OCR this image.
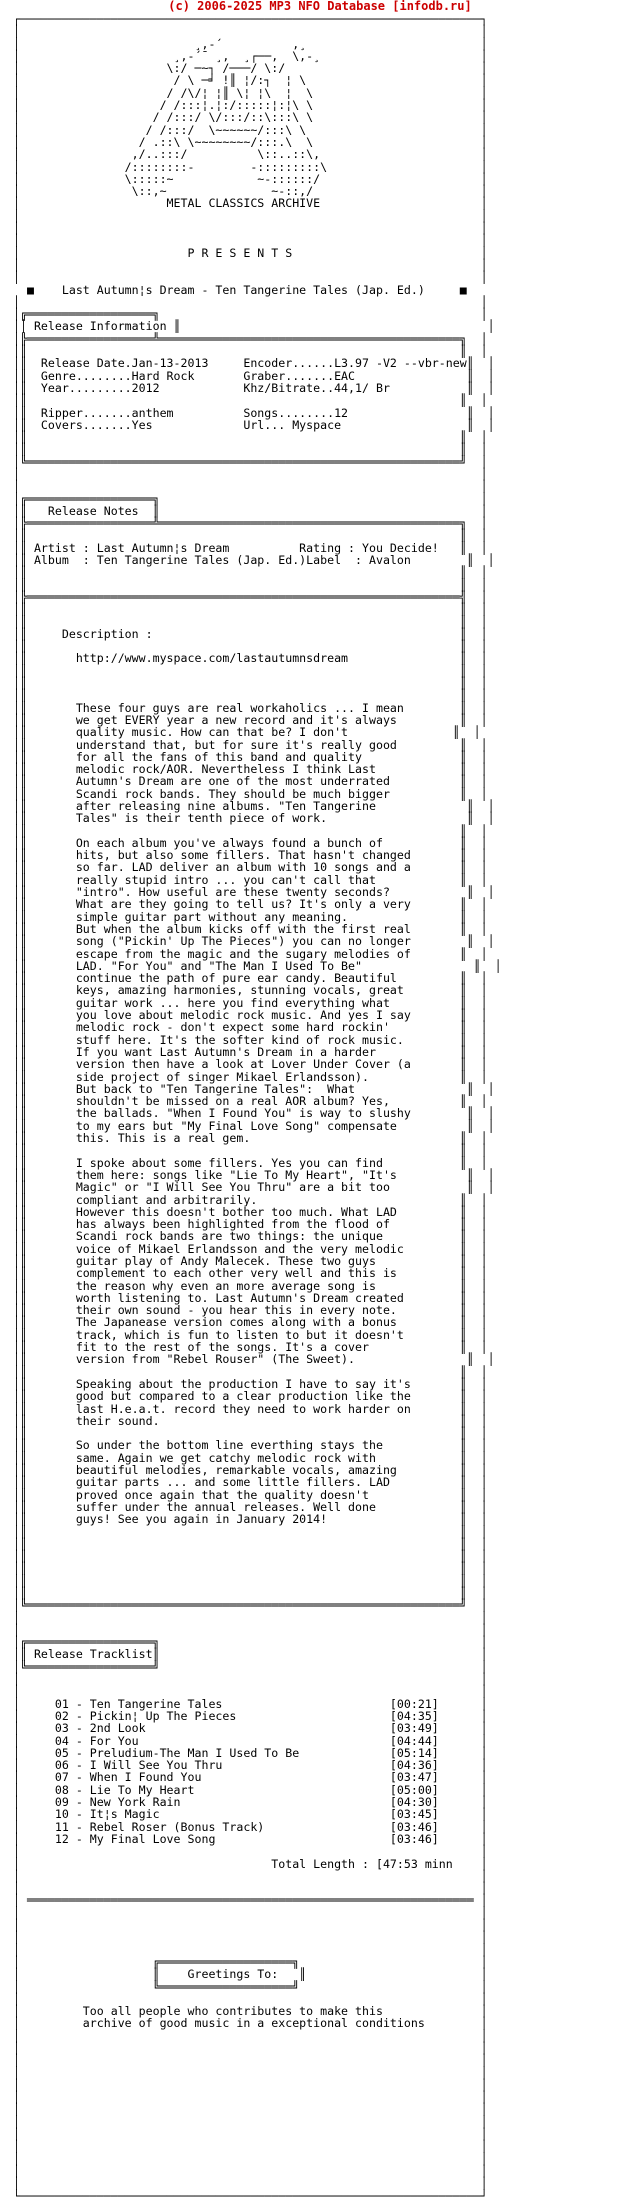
(c) 2006-2025 MP3 NFO Database [infodb.ru]
┌──────────────────────────────────────────────────────────────────┐
│                                                                  │
│                         ¸,-´          ,¸                         │
│                      ¸,-´¯ ¸,  ¸┌──,  \,-¸                       │
│                     \:/ ─~┐ /───/ \:/                            │
│                      / \ ─╛ !║ ¦/:┐  ¦ \                         │
│                     / /\/¦ ¦║ \¦ ¦\  ¦  \                        │
│                    / /:::¦.¦:/:::::¦:¦\ \                        │
│                   / /:::/ \/:::/::\:::\ \                        │
│                  / /:::/  \~~~~~~/:::\ \                         │
│                 / .::\ \~~~~~~~~/:::.\  \                        │
│                ,/..:::/          \::..::\,                       │
│               /::::::::-        -:::::::::\                      │
│               \:::::~            ~-::::::/                       │
│                \::,~               ~-::,/                        │
│                     METAL CLASSICS ARCHIVE                       │
│                                                                  │
│                                                                  │
│                                                                  │
│                        P R E S E N T S                           │
│                                                                  │
│                                                                  │
■    Last Autumn¦s Dream - Ten Tangerine Tales (Jap. Ed.)     ■
│                                                                  │
│╔══════════════════╗                                              │
││ Release Information ║                                            │
│╠══════════════════╩═══════════════════════════════════════════╗  │
│║                                                              ║  │
│║  Release Date.Jan-13-2013     Encoder......L3.97 -V2 --vbr-new║  │
│║  Genre........Hard Rock       Graber.......EAC                ║  │
│║  Year.........2012            Khz/Bitrate..44,1/ Br           ║  │
│║                                                              ║  │
│║  Ripper.......anthem          Songs........12                 ║  │
│║  Covers.......Yes             Url... Myspace                  ║  │
│║                                                              ║  │
│║                                                              ║  │
│╚══════════════════════════════════════════════════════════════╝  │
│                                                                  │
│                                                                  │
│╔══════════════════╗                                              │
│║   Release Notes  ║                                              │
│╠══════════════════╩═══════════════════════════════════════════╗  │
│║                                                              ║  │
│║ Artist : Last Autumn¦s Dream          Rating : You Decide!   ║  │
│║ Album  : Ten Tangerine Tales (Jap. Ed.)Label  : Avalon        ║  │
│║                                                              ║  │
│║                                                              ║  │
│╠══════════════════════════════════════════════════════════════╣  │
│║                                                              ║  │
│║                                                              ║  │
│║     Description :                                            ║  │
│║                                                              ║  │
│║       http://www.myspace.com/lastautumnsdream                ║  │
│║                                                              ║  │
│║                                                              ║  │
│║                                                              ║  │
│║       These four guys are real workaholics ... I mean        ║  │
│║       we get EVERY year a new record and it's always         ║  │
│║       quality music. How can that be? I don't               ║  │
│║       understand that, but for sure it's really good         ║  │
│║       for all the fans of this band and quality              ║  │
│║       melodic rock/AOR. Nevertheless I think Last            ║  │
│║       Autumn's Dream are one of the most underrated          ║  │
│║       Scandi rock bands. They should be much bigger          ║  │
│║       after releasing nine albums. "Ten Tangerine             ║  │
│║       Tales" is their tenth piece of work.                    ║  │
│║                                                              ║  │
│║       On each album you've always found a bunch of           ║  │
│║       hits, but also some fillers. That hasn't changed       ║  │
│║       so far. LAD deliver an album with 10 songs and a       ║  │
│║       really stupid intro ... you can't call that            ║  │
│║       "intro". How useful are these twenty seconds?           ║  │
│║       What are they going to tell us? It's only a very       ║  │
│║       simple guitar part without any meaning.                ║  │
│║       But when the album kicks off with the first real       ║  │
│║       song ("Pickin' Up The Pieces") you can no longer        ║  │
│║       escape from the magic and the sugary melodies of       ║  │
│║       LAD. "For You" and "The Man I Used To Be"                ║  │
│║       continue the path of pure ear candy. Beautiful         ║  │
│║       keys, amazing harmonies, stunning vocals, great        ║  │
│║       guitar work ... here you find everything what          ║  │
│║       you love about melodic rock music. And yes I say       ║  │
│║       melodic rock - don't expect some hard rockin'          ║  │
│║       stuff here. It's the softer kind of rock music.        ║  │
│║       If you want Last Autumn's Dream in a harder            ║  │
│║       version then have a look at Lover Under Cover (a       ║  │
│║       side project of singer Mikael Erlandsson).             ║  │
│║       But back to "Ten Tangerine Tales":  What                ║  │
│║       shouldn't be missed on a real AOR album? Yes,          ║  │
│║       the ballads. "When I Found You" is way to slushy        ║  │
│║       to my ears but "My Final Love Song" compensate          ║  │
│║       this. This is a real gem.                              ║  │
│║                                                              ║  │
│║       I spoke about some fillers. Yes you can find           ║  │
│║       them here: songs like "Lie To My Heart", "It's          ║  │
│║       Magic" or "I Will See You Thru" are a bit too           ║  │
│║       compliant and arbitrarily.                             ║  │
│║       However this doesn't bother too much. What LAD         ║  │
│║       has always been highlighted from the flood of          ║  │
│║       Scandi rock bands are two things: the unique           ║  │
│║       voice of Mikael Erlandsson and the very melodic        ║  │
│║       guitar play of Andy Malecek. These two guys            ║  │
│║       complement to each other very well and this is         ║  │
│║       the reason why even an more average song is            ║  │
│║       worth listening to. Last Autumn's Dream created        ║  │
│║       their own sound - you hear this in every note.         ║  │
│║       The Japanease version comes along with a bonus         ║  │
│║       track, which is fun to listen to but it doesn't        ║  │
│║       fit to the rest of the songs. It's a cover             ║  │
│║       version from "Rebel Rouser" (The Sweet).                ║  │
│║                                                              ║  │
│║       Speaking about the production I have to say it's       ║  │
│║       good but compared to a clear production like the       ║  │
│║       last H.e.a.t. record they need to work harder on       ║  │
│║       their sound.                                           ║  │
│║                                                              ║  │
│║       So under the bottom line everthing stays the           ║  │
│║       same. Again we get catchy melodic rock with            ║  │
│║       beautiful melodies, remarkable vocals, amazing         ║  │
│║       guitar parts ... and some little fillers. LAD          ║  │
│║       proved once again that the quality doesn't             ║  │
│║       suffer under the annual releases. Well done            ║  │
│║       guys! See you again in January 2014!                   ║  │
│║                                                              ║  │
│║                                                              ║  │
│║                                                              ║  │
│║                                                              ║  │
│║                                                              ║  │
│║                                                              ║  │
│╚══════════════════════════════════════════════════════════════╝  │
│                                                                  │
│                                                                  │
│╔══════════════════╗                                              │
│║ Release Tracklist║                                              │
│╚══════════════════╝                                              │
│                                                                  │
│                                                                  │
│     01 - Ten Tangerine Tales                        [00:21]      │
│     02 - Pickin¦ Up The Pieces                      [04:35]      │
│     03 - 2nd Look                                   [03:49]      │
│     04 - For You                                    [04:44]      │
│     05 - Preludium-The Man I Used To Be             [05:14]      │
│     06 - I Will See You Thru                        [04:36]      │
│     07 - When I Found You                           [03:47]      │
│     08 - Lie To My Heart                            [05:00]      │
│     09 - New York Rain                              [04:30]      │
│     10 - It¦s Magic                                 [03:45]      │
│     11 - Rebel Roser (Bonus Track)                  [03:46]      │
│     12 - My Final Love Song                         [03:46]      │
│                                                                  │
│                                    Total Length : [47:53 minn    │
│                                                                  │
│                                                                  │
│ ════════════════════════════════════════════════════════════════ │
│                                                                  │
│                                                                  │
│                                                                  │
│                                                                  │
│                   ╔═══════════════════╗                          │
│                   ║    Greetings To:   ║                         │
│                   ╚═══════════════════╝                          │
│                                                                  │
│         Too all people who contributes to make this              │
│         archive of good music in a exceptional conditions        │
│                                                                  │
│                                                                  │
│                                                                  │
│                                                                  │
│                                                                  │
│                                                                  │
│                                                                  │
│                                                                  │
│                                                                  │
│                                                                  │
│                                                                  │
│                                                                  │
│                                                                  │
└──────────────────────────────────────────────────────────────────┘
